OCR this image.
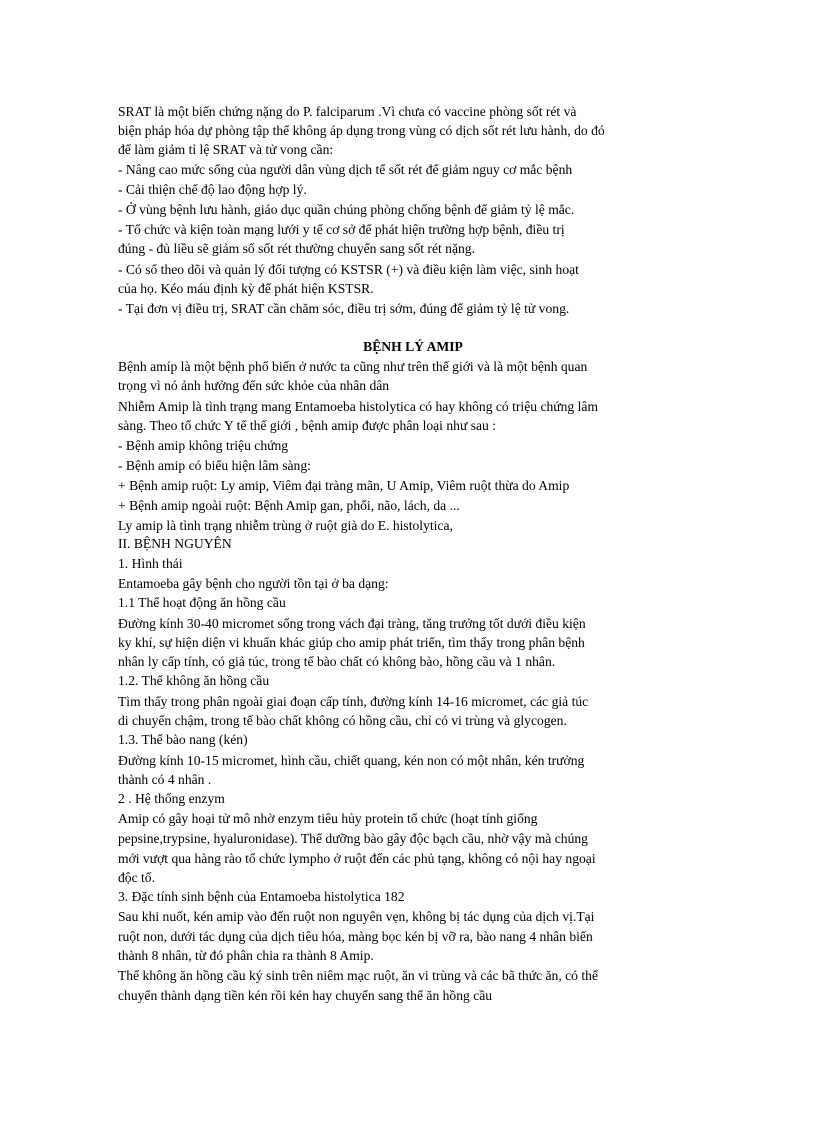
SRAT là một biến chứng nặng do P. falciparum .Vì chưa có vaccine phòng sốt rét và
biện pháp hóa dự phòng tập thể không áp dụng trong vùng có dịch sốt rét lưu hành, do đó
để làm giảm tỉ lệ SRAT và tử vong cần:
- Nâng cao mức sống của người dân vùng dịch tể sốt rét để giảm nguy cơ mắc bệnh
- Cải thiện chế độ lao động hợp lý.
- Ở vùng bệnh lưu hành, giáo dục quần chúng phòng chống bệnh để giảm tỷ lệ mắc.
- Tổ chức và kiện toàn mạng lưới y tế cơ sở để phát hiện trường hợp bệnh, điều trị
đúng - đủ liều sẽ giảm số sốt rét thường chuyển sang sốt rét nặng.
- Có sổ theo dõi và quản lý đối tượng có KSTSR (+) và điều kiện làm việc, sinh hoạt
của họ. Kéo máu định kỳ để phát hiện KSTSR.
- Tại đơn vị điều trị, SRAT cần chăm sóc, điều trị sớm, đúng để giảm tỷ lệ tử vong.
BỆNH LÝ AMIP
Bệnh amíp là một bệnh phổ biến ở nước ta cũng như trên thế giới và là một bệnh quan
trọng vì nó ảnh hưởng đến sức khỏe của nhân dân
Nhiễm Amip là tình trạng mang Entamoeba histolytica có hay không có triệu chứng lâm
sàng. Theo tổ chức Y tế thế giới , bệnh amip được phân loại như sau :
- Bệnh amip không triệu chứng
- Bệnh amip có biểu hiện lâm sàng:
+ Bệnh amip ruột: Ly amip, Viêm đại tràng mãn, U Amip, Viêm ruột thừa do Amip
+ Bệnh amip ngoài ruột: Bệnh Amip gan, phổi, não, lách, da ...
Ly amip là tình trạng nhiễm trùng ở ruột già do E. histolytica,
II. BỆNH NGUYÊN
1. Hình thái
Entamoeba gây bệnh cho người tồn tại ở ba dạng:
1.1 Thể hoạt động ăn hồng cầu
Đường kính 30-40 micromet sống trong vách đại tràng, tăng trưởng tốt dưới điều kiện
ky khí, sự hiện diện vi khuẩn khác giúp cho amip phát triển, tìm thấy trong phân bệnh
nhân ly cấp tính, có giả túc, trong tế bào chất có không bào, hồng cầu và 1 nhân.
1.2. Thể không ăn hồng cầu
Tìm thấy trong phân ngoài giai đoạn cấp tính, đường kính 14-16 micromet, các giả túc
di chuyển chậm, trong tế bào chất không có hồng cầu, chỉ có vi trùng và glycogen.
1.3. Thể bào nang (kén)
Đường kính 10-15 micromet, hình cầu, chiết quang, kén non có một nhân, kén trưởng
thành có 4 nhân .
2 . Hệ thống enzym
Amip có gây hoại tử mô nhờ enzym tiêu hủy protein tổ chức (hoạt tính giống
pepsine,trypsine, hyaluronidase). Thể dưỡng bào gây độc bạch cầu, nhờ vậy mà chúng
mới vượt qua hàng rào tổ chức lympho ở ruột đến các phủ tạng, không có nội hay ngoại
độc tố.
3. Đặc tính sinh bệnh của Entamoeba histolytica 182
Sau khi nuốt, kén amip vào đến ruột non nguyên vẹn, không bị tác dụng của dịch vị.Tại
ruột non, dưới tác dụng của dịch tiêu hóa, màng bọc kén bị vỡ ra, bào nang 4 nhân biến
thành 8 nhân, từ đó phân chia ra thành 8 Amip.
Thể không ăn hồng cầu ký sinh trên niêm mạc ruột, ăn vi trùng và các bã thức ăn, có thể
chuyển thành dạng tiền kén rồi kén hay chuyển sang thể ăn hồng cầu
